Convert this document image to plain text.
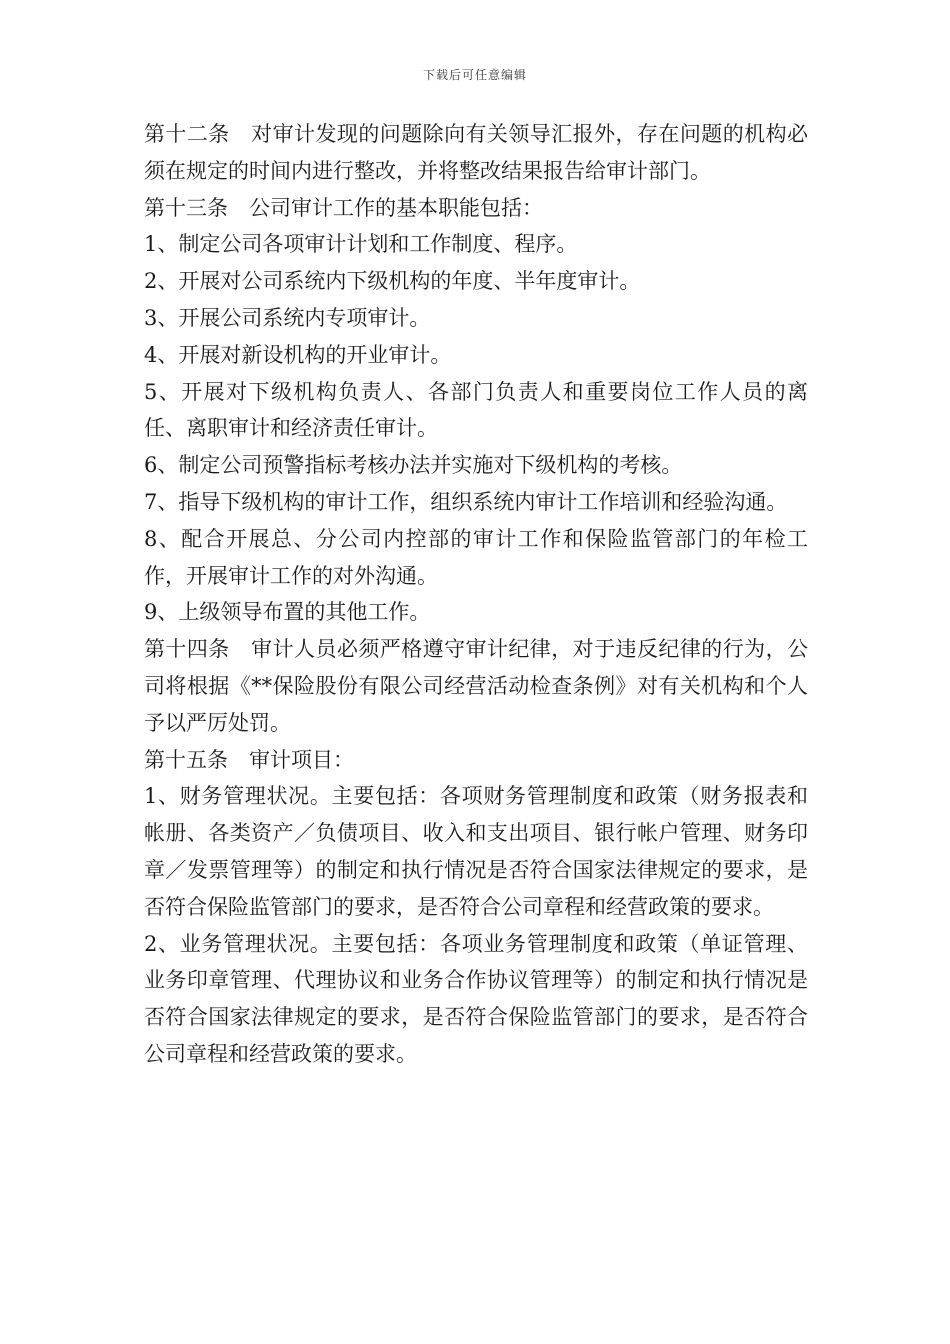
下载后可任意编辑

第十二条　对审计发现的问题除向有关领导汇报外，存在问题的机构必须在规定的时间内进行整改，并将整改结果报告给审计部门。

第十三条　公司审计工作的基本职能包括：

1、制定公司各项审计计划和工作制度、程序。

2、开展对公司系统内下级机构的年度、半年度审计。

3、开展公司系统内专项审计。

4、开展对新设机构的开业审计。

5、开展对下级机构负责人、各部门负责人和重要岗位工作人员的离任、离职审计和经济责任审计。

6、制定公司预警指标考核办法并实施对下级机构的考核。

7、指导下级机构的审计工作，组织系统内审计工作培训和经验沟通。

8、配合开展总、分公司内控部的审计工作和保险监管部门的年检工作，开展审计工作的对外沟通。

9、上级领导布置的其他工作。

第十四条　审计人员必须严格遵守审计纪律，对于违反纪律的行为，公司将根据《**保险股份有限公司经营活动检查条例》对有关机构和个人予以严厉处罚。

第十五条　审计项目：

1、财务管理状况。主要包括：各项财务管理制度和政策（财务报表和帐册、各类资产／负债项目、收入和支出项目、银行帐户管理、财务印章／发票管理等）的制定和执行情况是否符合国家法律规定的要求，是否符合保险监管部门的要求，是否符合公司章程和经营政策的要求。

2、业务管理状况。主要包括：各项业务管理制度和政策（单证管理、业务印章管理、代理协议和业务合作协议管理等）的制定和执行情况是否符合国家法律规定的要求，是否符合保险监管部门的要求，是否符合公司章程和经营政策的要求。
